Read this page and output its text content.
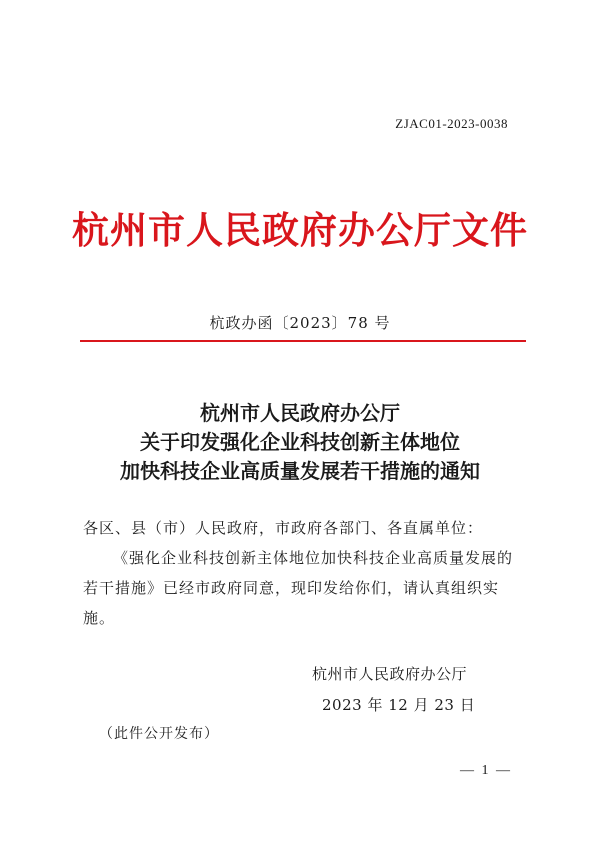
ZJAC01-2023-0038
杭州市人民政府办公厅文件
杭政办函〔2023〕78 号
杭州市人民政府办公厅
关于印发强化企业科技创新主体地位
加快科技企业高质量发展若干措施的通知
各区、县（市）人民政府，市政府各部门、各直属单位：
《强化企业科技创新主体地位加快科技企业高质量发展的若干措施》已经市政府同意，现印发给你们，请认真组织实施。
杭州市人民政府办公厅
2023 年 12 月 23 日
（此件公开发布）
— 1 —
